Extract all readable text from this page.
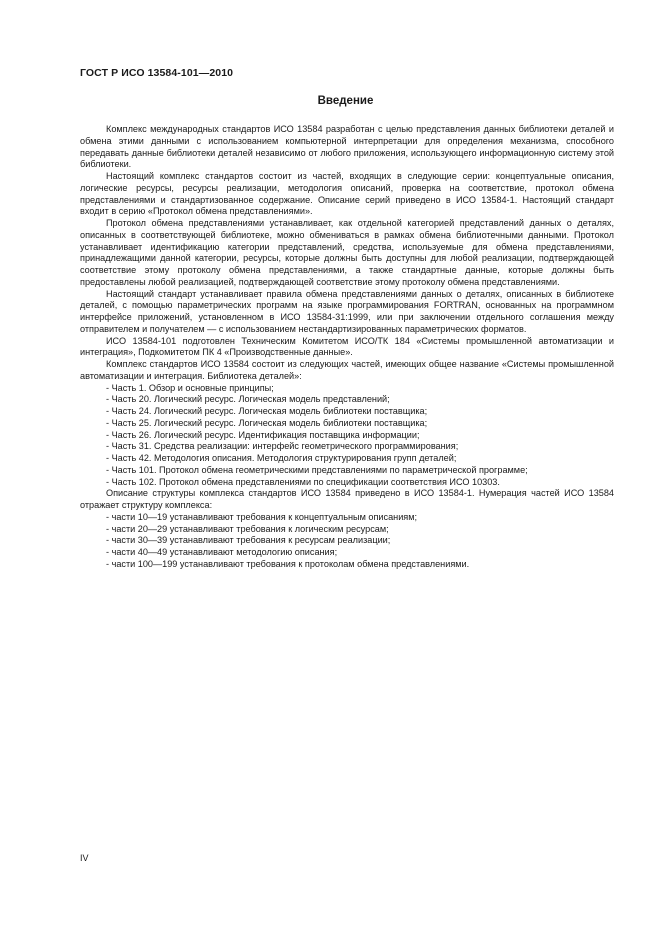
ГОСТ Р ИСО 13584-101—2010
Введение

Комплекс международных стандартов ИСО 13584 разработан с целью представления данных библиотеки деталей и обмена этими данными с использованием компьютерной интерпретации для определения механизма, способного передавать данные библиотеки деталей независимо от любого приложения, использующего информационную систему этой библиотеки.

Настоящий комплекс стандартов состоит из частей, входящих в следующие серии: концептуальные описания, логические ресурсы, ресурсы реализации, методология описаний, проверка на соответствие, протокол обмена представлениями и стандартизованное содержание. Описание серий приведено в ИСО 13584-1. Настоящий стандарт входит в серию «Протокол обмена представлениями».

Протокол обмена представлениями устанавливает, как отдельной категорией представлений данных о деталях, описанных в соответствующей библиотеке, можно обмениваться в рамках обмена библиотечными данными. Протокол устанавливает идентификацию категории представлений, средства, используемые для обмена представлениями, принадлежащими данной категории, ресурсы, которые должны быть доступны для любой реализации, подтверждающей соответствие этому протоколу обмена представлениями, а также стандартные данные, которые должны быть предоставлены любой реализацией, подтверждающей соответствие этому протоколу обмена представлениями.

Настоящий стандарт устанавливает правила обмена представлениями данных о деталях, описанных в библиотеке деталей, с помощью параметрических программ на языке программирования FORTRAN, основанных на программном интерфейсе приложений, установленном в ИСО 13584-31:1999, или при заключении отдельного соглашения между отправителем и получателем — с использованием нестандартизированных параметрических форматов.

ИСО 13584-101 подготовлен Техническим Комитетом ИСО/ТК 184 «Системы промышленной автоматизации и интеграция», Подкомитетом ПК 4 «Производственные данные».

Комплекс стандартов ИСО 13584 состоит из следующих частей, имеющих общее название «Системы промышленной автоматизации и интеграция. Библиотека деталей»:

- Часть 1. Обзор и основные принципы;

- Часть 20. Логический ресурс. Логическая модель представлений;

- Часть 24. Логический ресурс. Логическая модель библиотеки поставщика;

- Часть 25. Логический ресурс. Логическая модель библиотеки поставщика;

- Часть 26. Логический ресурс. Идентификация поставщика информации;

- Часть 31. Средства реализации: интерфейс геометрического программирования;

- Часть 42. Методология описания. Методология структурирования групп деталей;

- Часть 101. Протокол обмена геометрическими представлениями по параметрической программе;

- Часть 102. Протокол обмена представлениями по спецификации соответствия ИСО 10303.

Описание структуры комплекса стандартов ИСО 13584 приведено в ИСО 13584-1. Нумерация частей ИСО 13584 отражает структуру комплекса:

- части 10—19 устанавливают требования к концептуальным описаниям;

- части 20—29 устанавливают требования к логическим ресурсам;

- части 30—39 устанавливают требования к ресурсам реализации;

- части 40—49 устанавливают методологию описания;

- части 100—199 устанавливают требования к протоколам обмена представлениями.

IV
